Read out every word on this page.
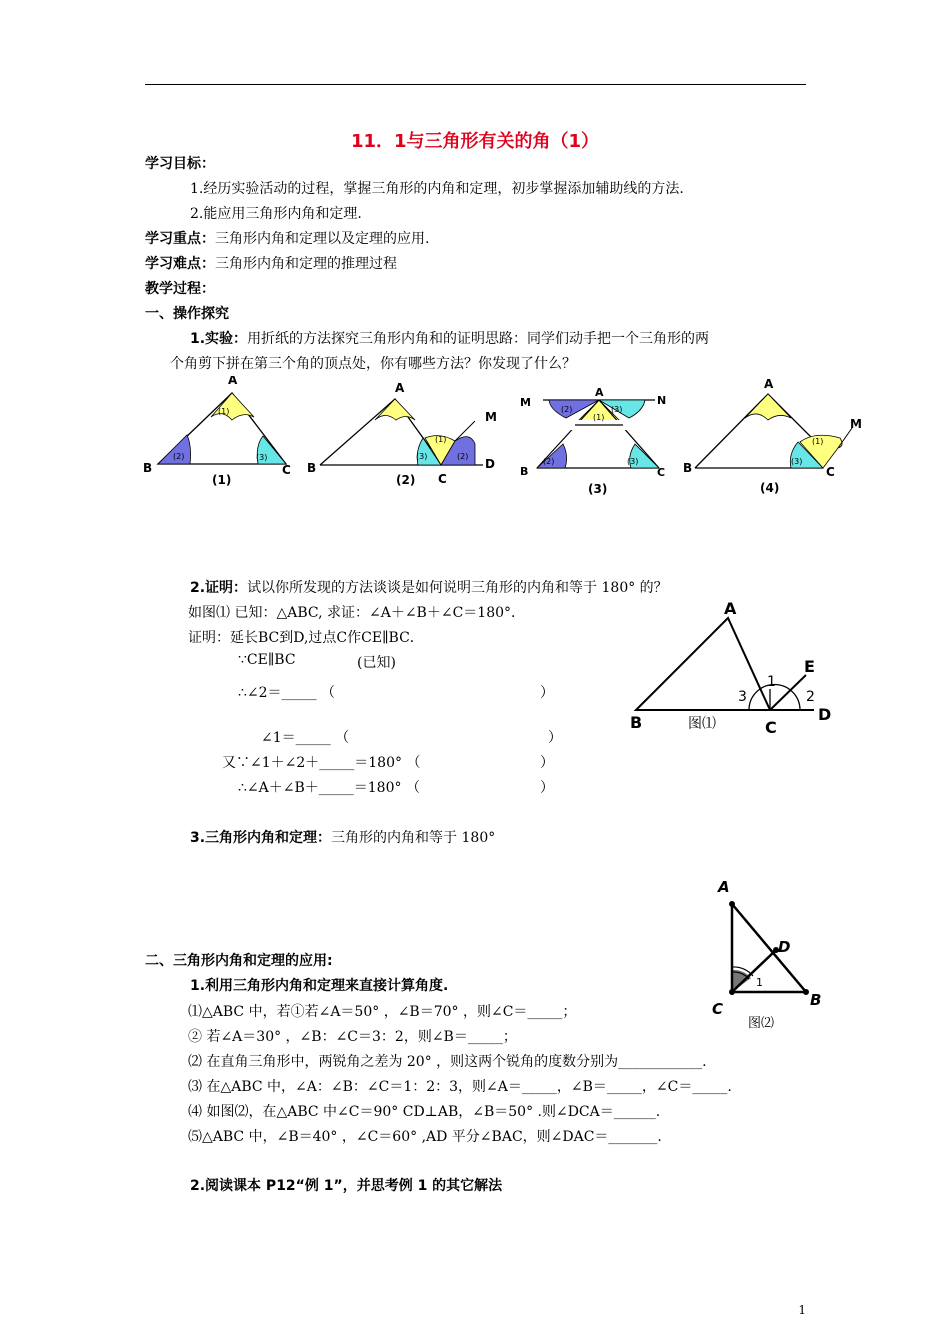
11．1与三角形有关的角（1）
学习目标：
1.经历实验活动的过程，掌握三角形的内角和定理，初步掌握添加辅助线的方法.
2.能应用三角形内角和定理.
学习重点：三角形内角和定理以及定理的应用.
学习难点：三角形内角和定理的推理过程
教学过程：
一、操作探究
1.实验：用折纸的方法探究三角形内角和的证明思路：同学们动手把一个三角形的两
个角剪下拼在第三个角的顶点处，你有哪些方法？你发现了什么？
A
B	C
(1)
(2)	(3)
(1)
A
B
C
D
M
(1)
(2)
(3)
(2)
A
M	N
B	C
(1)
(2)	(3)
(2)	(3)
(3)
A
B	C
M
(1)
(3)
(4)
2.证明：试以你所发现的方法谈谈是如何说明三角形的内角和等于 180° 的？
如图⑴ 已知：△ABC, 求证：∠A＋∠B＋∠C＝180°．
证明：延长BC到D,过点C作CE∥BC．
∵CE∥BC	(已知)
∴∠2＝_____ （	）
∠1＝_____ （	）
又∵∠1＋∠2＋_____＝180° （	）
∴∠A＋∠B＋_____＝180° （	）
A
B	C
D
E
1
2
3
图⑴
3.三角形内角和定理：三角形的内角和等于 180°
二、三角形内角和定理的应用:
1.利用三角形内角和定理来直接计算角度.
⑴△ABC 中，若①若∠A＝50° ，∠B＝70° ，则∠C＝_____；
② 若∠A＝30° ，∠B：∠C＝3：2，则∠B＝_____；
⑵ 在直角三角形中，两锐角之差为 20° ，则这两个锐角的度数分别为____________.
⑶ 在△ABC 中，∠A：∠B：∠C＝1：2：3，则∠A＝_____，∠B＝_____，∠C＝_____.
⑷ 如图⑵，在△ABC 中∠C＝90° CD⊥AB，∠B＝50° .则∠DCA＝______.
⑸△ABC 中，∠B＝40° ，∠C＝60° ,AD 平分∠BAC，则∠DAC＝_______.
A
D
B
C
1
图⑵
2.阅读课本 P12“例 1”，并思考例 1 的其它解法
1
